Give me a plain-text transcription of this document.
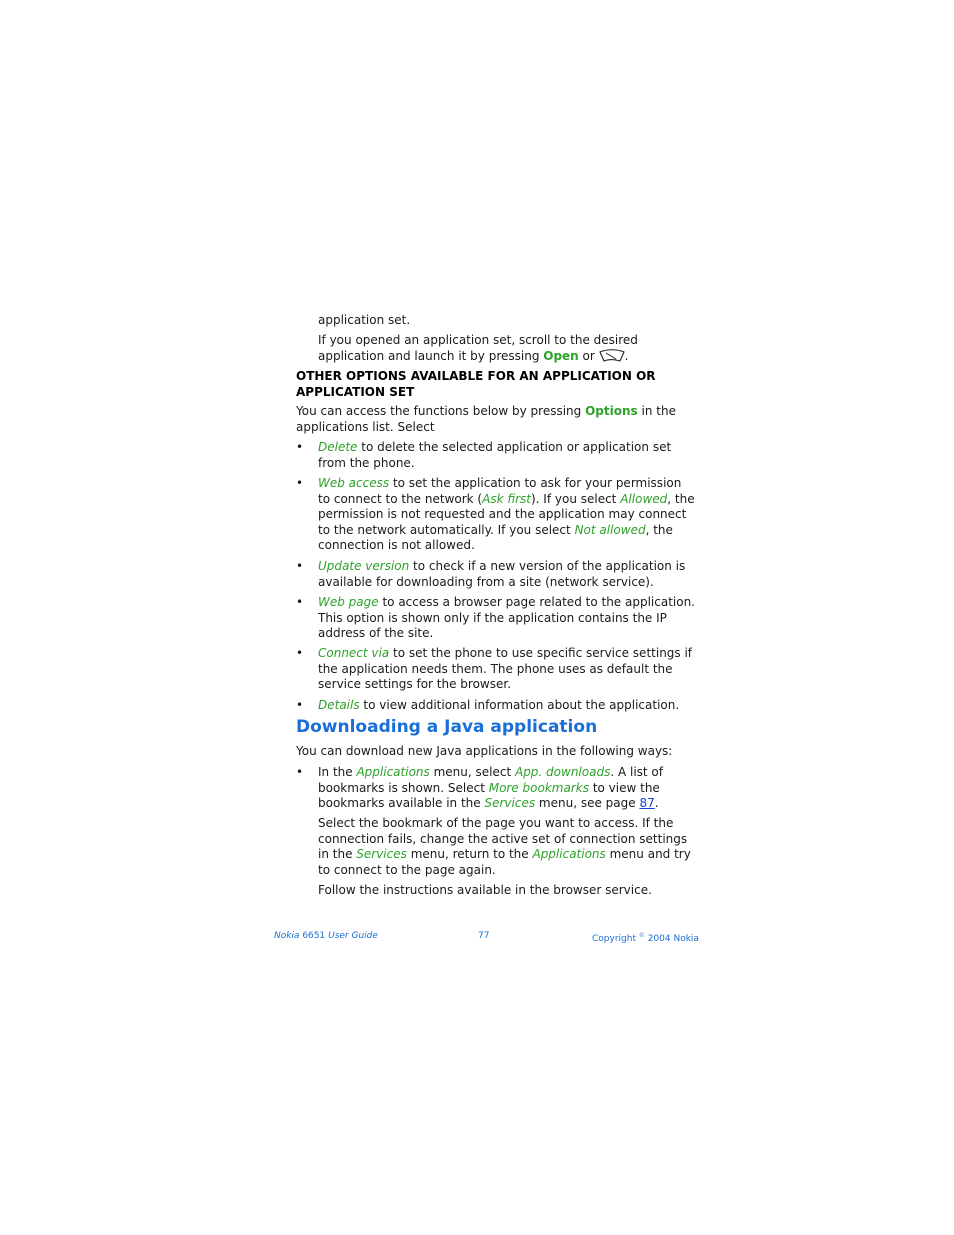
application set.

If you opened an application set, scroll to the desired application and launch it by pressing Open or .

OTHER OPTIONS AVAILABLE FOR AN APPLICATION OR APPLICATION SET

You can access the functions below by pressing Options in the applications list. Select

• Delete to delete the selected application or application set from the phone.

• Web access to set the application to ask for your permission to connect to the network (Ask first). If you select Allowed, the permission is not requested and the application may connect to the network automatically. If you select Not allowed, the connection is not allowed.

• Update version to check if a new version of the application is available for downloading from a site (network service).

• Web page to access a browser page related to the application. This option is shown only if the application contains the IP address of the site.

• Connect via to set the phone to use specific service settings if the application needs them. The phone uses as default the service settings for the browser.

• Details to view additional information about the application.

Downloading a Java application

You can download new Java applications in the following ways:

• In the Applications menu, select App. downloads. A list of bookmarks is shown. Select More bookmarks to view the bookmarks available in the Services menu, see page 87.

Select the bookmark of the page you want to access. If the connection fails, change the active set of connection settings in the Services menu, return to the Applications menu and try to connect to the page again.

Follow the instructions available in the browser service.

Nokia 6651 User Guide	77	Copyright © 2004 Nokia
